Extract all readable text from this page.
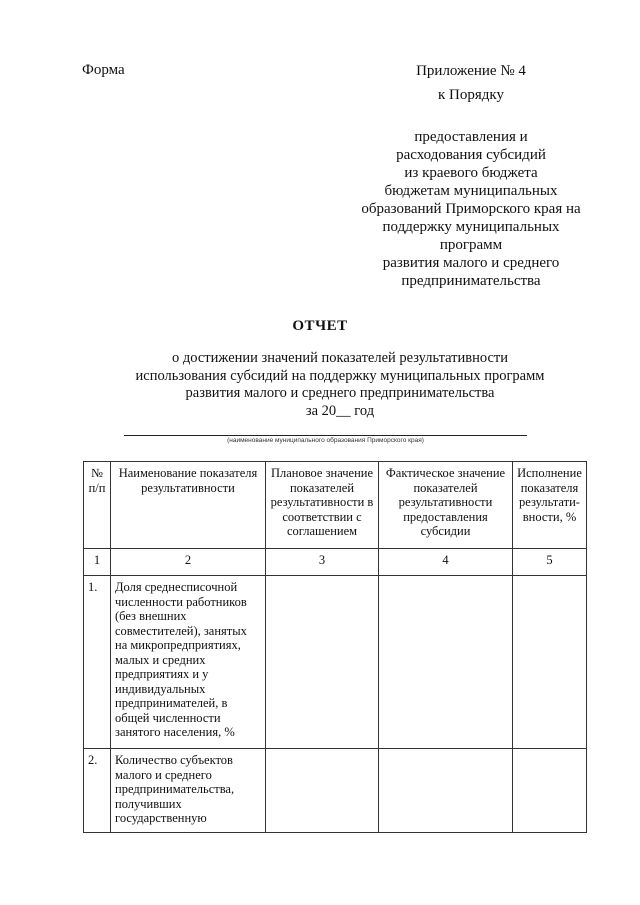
Форма	Приложение № 4
к Порядку

предоставления и
расходования субсидий
из краевого бюджета
бюджетам муниципальных
образований Приморского края на
поддержку муниципальных программ
развития малого и среднего
предпринимательства
ОТЧЕТ
о достижении значений показателей результативности
использования субсидий на поддержку муниципальных программ
развития малого и среднего предпринимательства
за 20__ год
(наименование муниципального образования Приморского края)
№ п/п	Наименование показателя результативности	Плановое значение показателей результативности в соответствии с соглашением	Фактическое значение показателей результативности предоставления субсидии	Исполнение показателя результати-вности, %
1	2	3	4	5
1.	Доля среднесписочной численности работников (без внешних совместителей), занятых на микропредприятиях, малых и средних предприятиях и у индивидуальных предпринимателей, в общей численности занятого населения, %			
2.	Количество субъектов малого и среднего предпринимательства, получивших государственную			
